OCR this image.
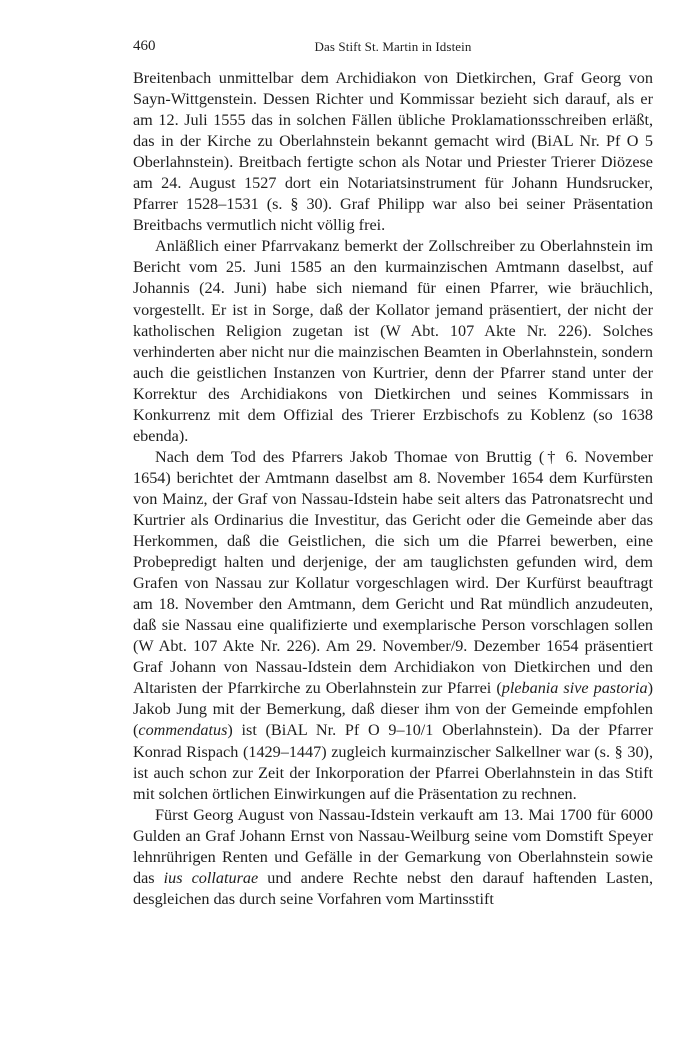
460	Das Stift St. Martin in Idstein

Breitenbach unmittelbar dem Archidiakon von Dietkirchen, Graf Georg von Sayn-Wittgenstein. Dessen Richter und Kommissar bezieht sich darauf, als er am 12. Juli 1555 das in solchen Fällen übliche Proklamationsschreiben erläßt, das in der Kirche zu Oberlahnstein bekannt gemacht wird (BiAL Nr. Pf O 5 Oberlahnstein). Breitbach fertigte schon als Notar und Priester Trierer Diözese am 24. August 1527 dort ein Notariatsinstrument für Johann Hundsrucker, Pfarrer 1528–1531 (s. § 30). Graf Philipp war also bei seiner Präsentation Breitbachs vermutlich nicht völlig frei.

Anläßlich einer Pfarrvakanz bemerkt der Zollschreiber zu Oberlahnstein im Bericht vom 25. Juni 1585 an den kurmainzischen Amtmann daselbst, auf Johannis (24. Juni) habe sich niemand für einen Pfarrer, wie bräuchlich, vorgestellt. Er ist in Sorge, daß der Kollator jemand präsentiert, der nicht der katholischen Religion zugetan ist (W Abt. 107 Akte Nr. 226). Solches verhinderten aber nicht nur die mainzischen Beamten in Oberlahnstein, sondern auch die geistlichen Instanzen von Kurtrier, denn der Pfarrer stand unter der Korrektur des Archidiakons von Dietkirchen und seines Kommissars in Konkurrenz mit dem Offizial des Trierer Erzbischofs zu Koblenz (so 1638 ebenda).

Nach dem Tod des Pfarrers Jakob Thomae von Bruttig († 6. November 1654) berichtet der Amtmann daselbst am 8. November 1654 dem Kurfürsten von Mainz, der Graf von Nassau-Idstein habe seit alters das Patronatsrecht und Kurtrier als Ordinarius die Investitur, das Gericht oder die Gemeinde aber das Herkommen, daß die Geistlichen, die sich um die Pfarrei bewerben, eine Probepredigt halten und derjenige, der am tauglichsten gefunden wird, dem Grafen von Nassau zur Kollatur vorgeschlagen wird. Der Kurfürst beauftragt am 18. November den Amtmann, dem Gericht und Rat mündlich anzudeuten, daß sie Nassau eine qualifizierte und exemplarische Person vorschlagen sollen (W Abt. 107 Akte Nr. 226). Am 29. November/9. Dezember 1654 präsentiert Graf Johann von Nassau-Idstein dem Archidiakon von Dietkirchen und den Altaristen der Pfarrkirche zu Oberlahnstein zur Pfarrei (plebania sive pastoria) Jakob Jung mit der Bemerkung, daß dieser ihm von der Gemeinde empfohlen (commendatus) ist (BiAL Nr. Pf O 9–10/1 Oberlahnstein). Da der Pfarrer Konrad Rispach (1429–1447) zugleich kurmainzischer Salkellner war (s. § 30), ist auch schon zur Zeit der Inkorporation der Pfarrei Oberlahnstein in das Stift mit solchen örtlichen Einwirkungen auf die Präsentation zu rechnen.

Fürst Georg August von Nassau-Idstein verkauft am 13. Mai 1700 für 6000 Gulden an Graf Johann Ernst von Nassau-Weilburg seine vom Domstift Speyer lehnrührigen Renten und Gefälle in der Gemarkung von Oberlahnstein sowie das ius collaturae und andere Rechte nebst den darauf haftenden Lasten, desgleichen das durch seine Vorfahren vom Martinsstift
